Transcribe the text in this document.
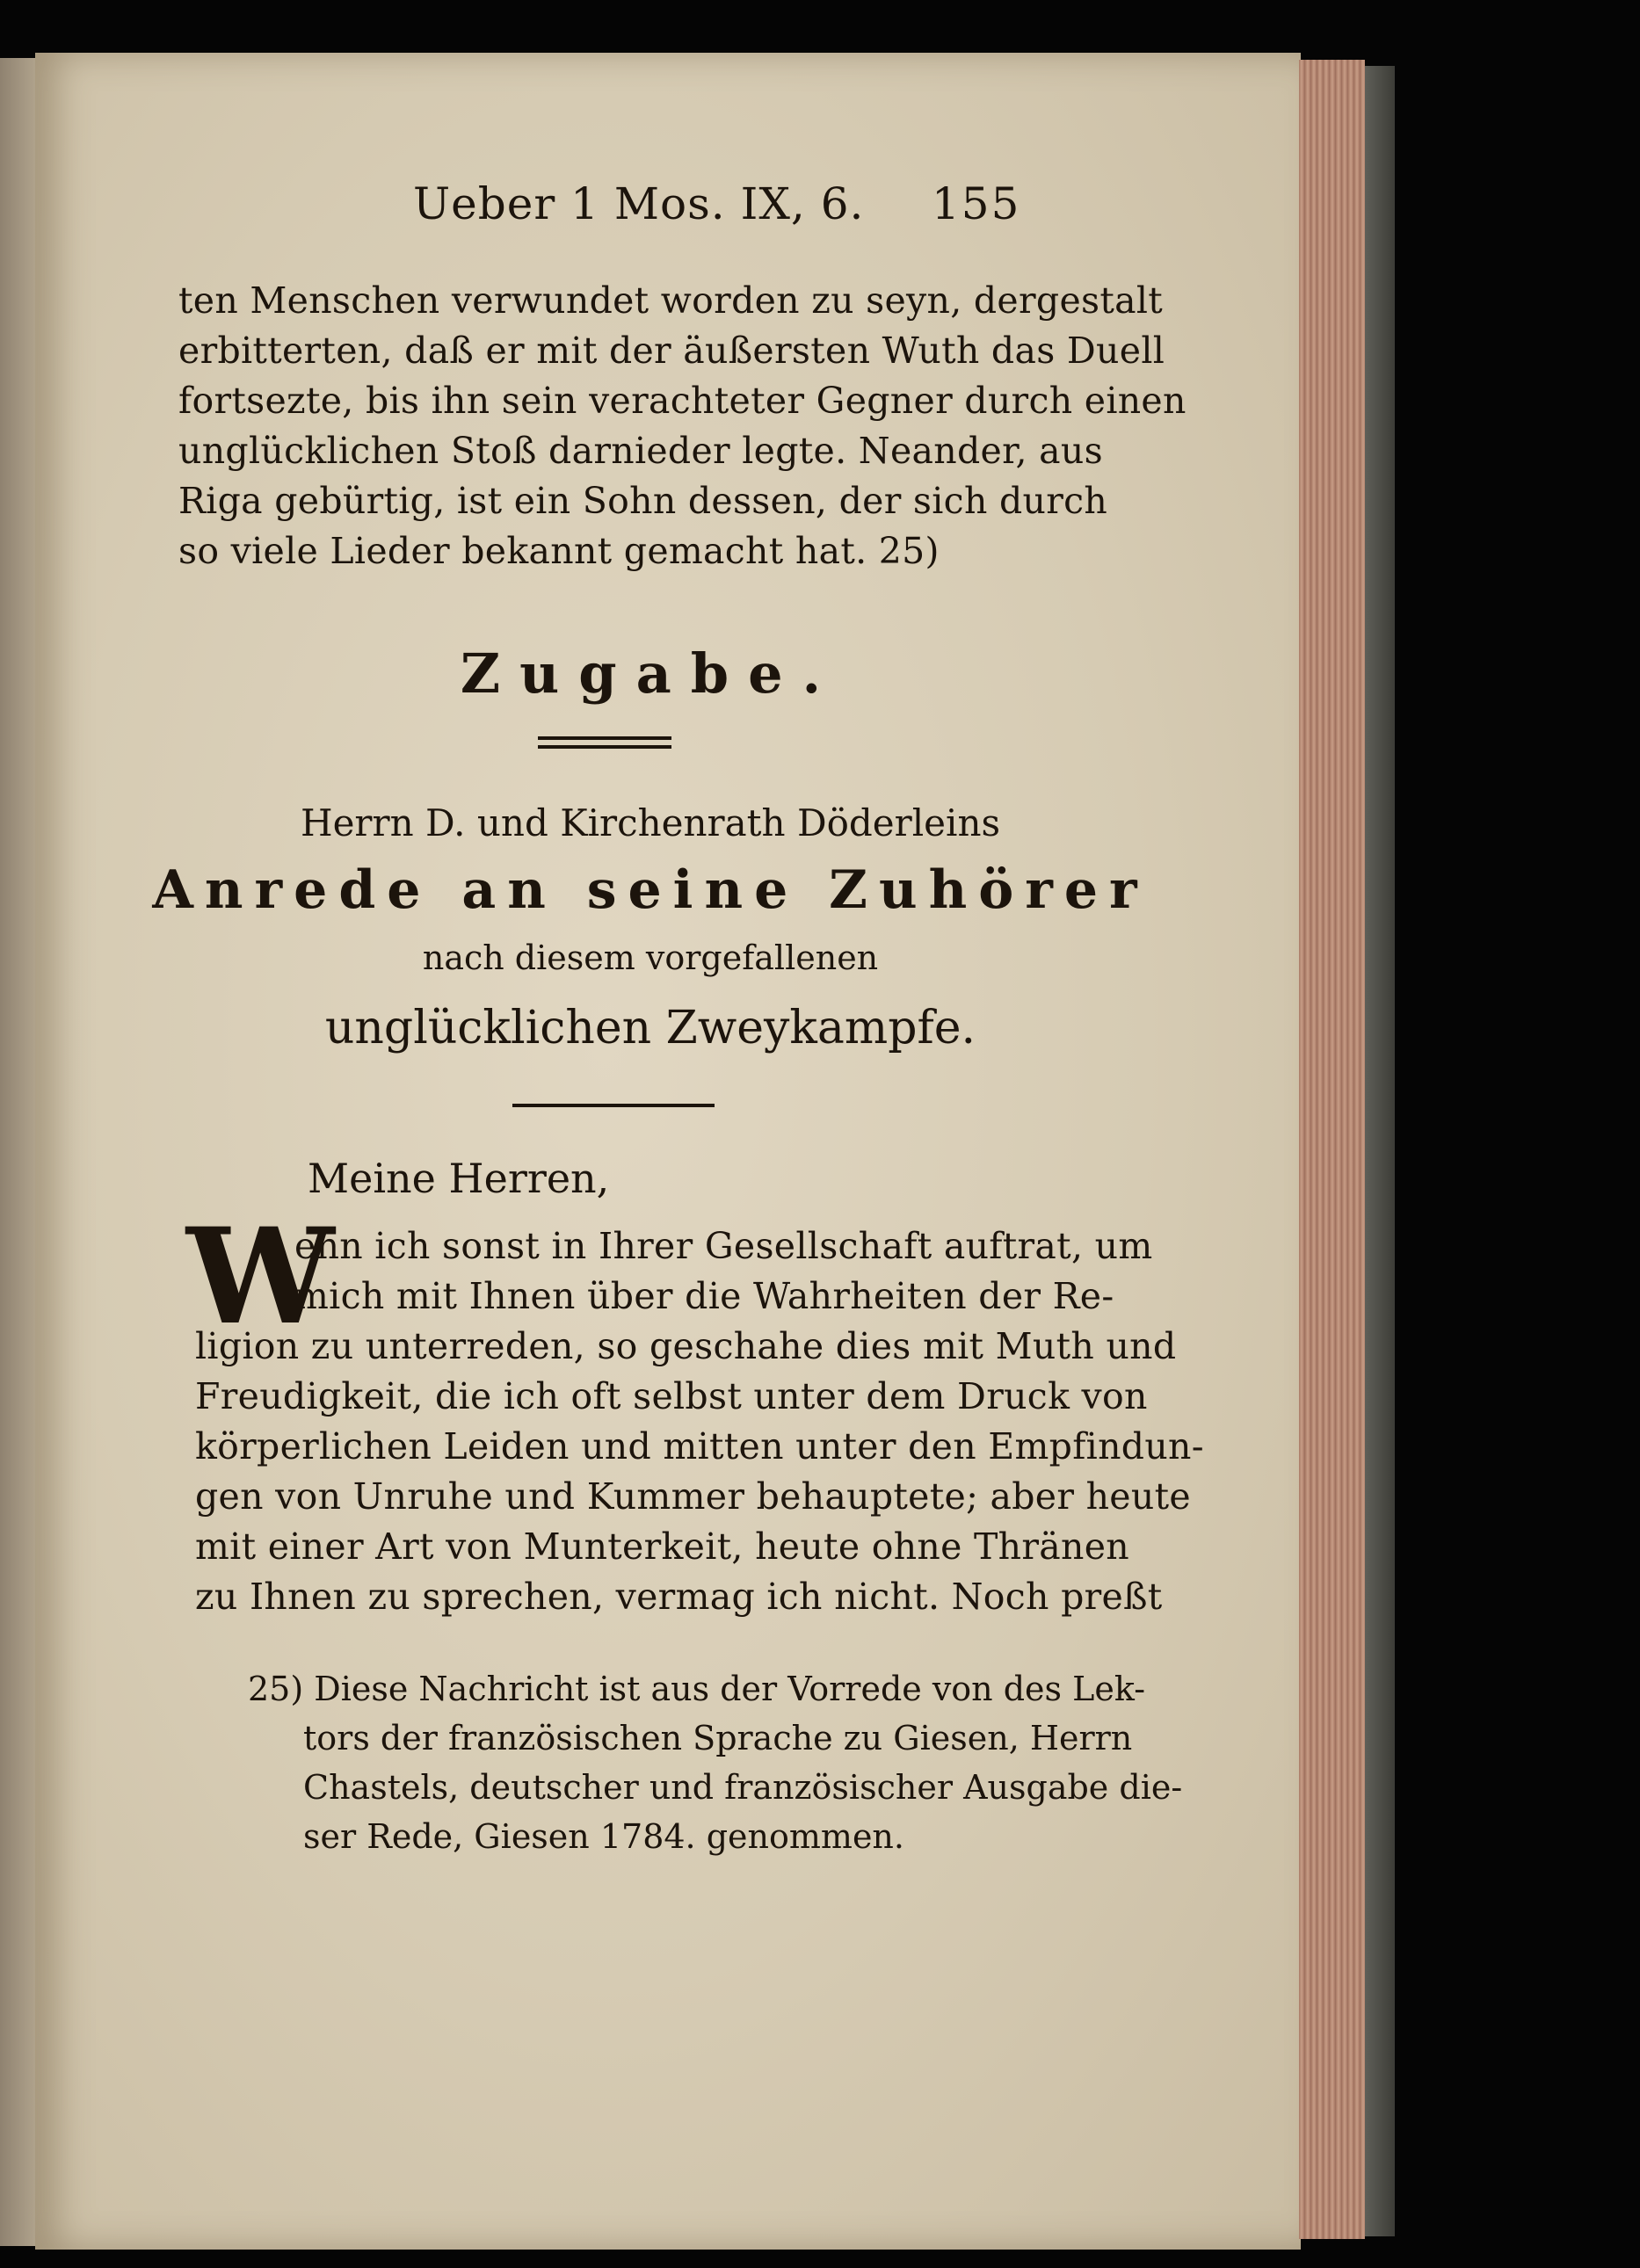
Ueber 1 Mos. IX, 6. 155
ten Menschen verwundet worden zu seyn, dergestalt
erbitterten, daß er mit der äußersten Wuth das Duell
fortsezte, bis ihn sein verachteter Gegner durch einen
unglücklichen Stoß darnieder legte. Neander, aus
Riga gebürtig, ist ein Sohn dessen, der sich durch
so viele Lieder bekannt gemacht hat. 25)
Zugabe.
Herrn D. und Kirchenrath Döderleins
Anrede an seine Zuhörer
nach diesem vorgefallenen
unglücklichen Zweykampfe.
Meine Herren,
W
enn ich sonst in Ihrer Gesellschaft auftrat, um
mich mit Ihnen über die Wahrheiten der Re-
ligion zu unterreden, so geschahe dies mit Muth und
Freudigkeit, die ich oft selbst unter dem Druck von
körperlichen Leiden und mitten unter den Empfindun-
gen von Unruhe und Kummer behauptete; aber heute
mit einer Art von Munterkeit, heute ohne Thränen
zu Ihnen zu sprechen, vermag ich nicht. Noch preßt
25) Diese Nachricht ist aus der Vorrede von des Lek-
tors der französischen Sprache zu Giesen, Herrn
Chastels, deutscher und französischer Ausgabe die-
ser Rede, Giesen 1784. genommen.
